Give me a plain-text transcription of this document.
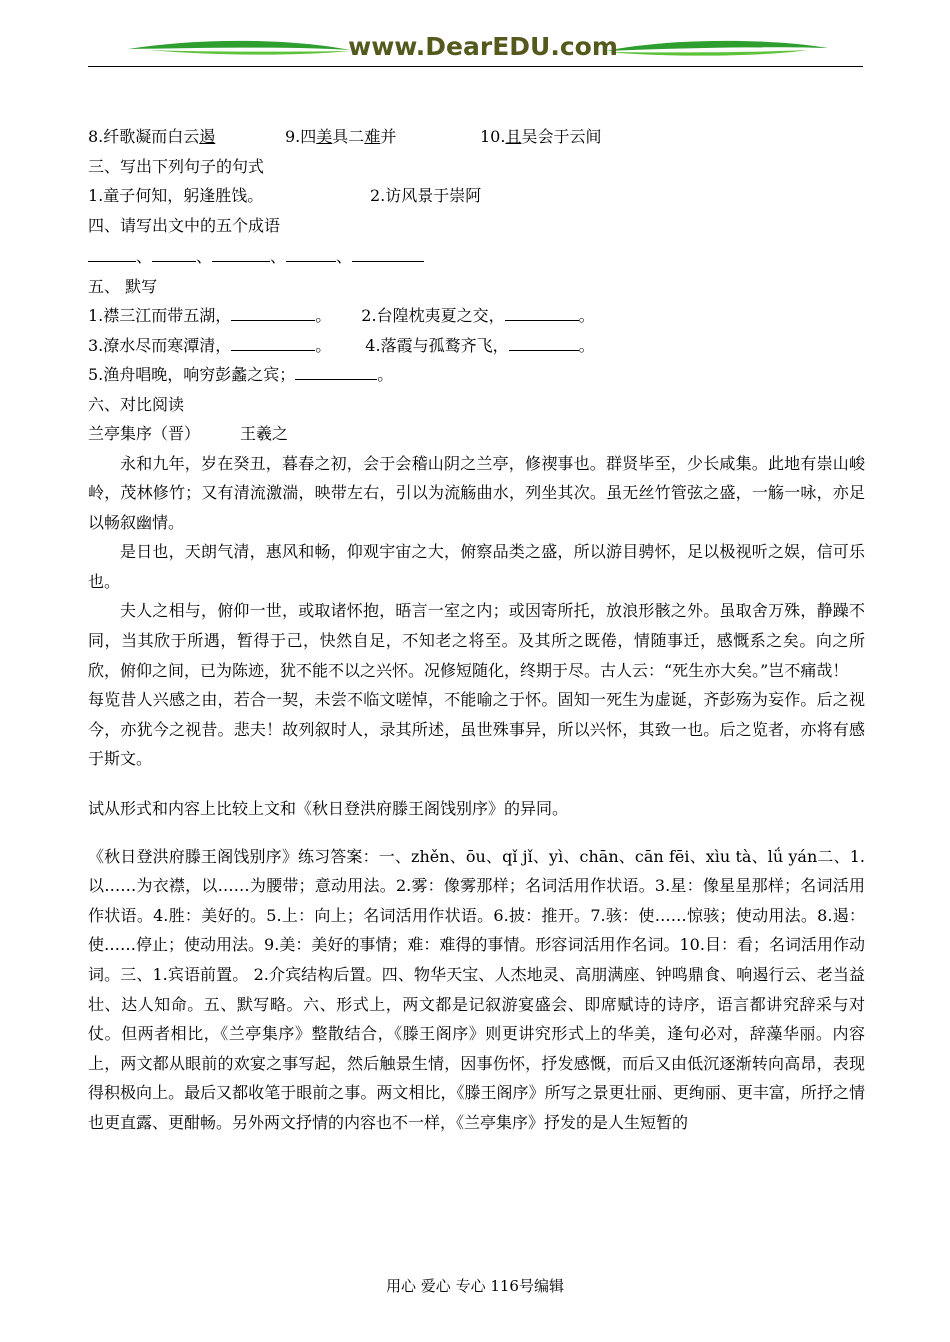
www.DearEDU.com
8.纤歌凝而白云遏	9.四美具二难并	10.且吴会于云间
三、写出下列句子的句式
1.童子何知，躬逢胜饯。	2.访风景于崇阿
四、请写出文中的五个成语
、	、	、	、
五、 默写
1.襟三江而带五湖，	。 2.台隍枕夷夏之交，	。
3.潦水尽而寒潭清，	。 4.落霞与孤鹜齐飞，	。
5.渔舟唱晚，响穷彭蠡之宾；	。
六、对比阅读
兰亭集序（晋）	王羲之

永和九年，岁在癸丑，暮春之初，会于会稽山阴之兰亭，修禊事也。群贤毕至，少长咸集。此地有崇山峻岭，茂林修竹；又有清流激湍，映带左右，引以为流觞曲水，列坐其次。虽无丝竹管弦之盛，一觞一咏，亦足以畅叙幽情。

是日也，天朗气清，惠风和畅，仰观宇宙之大，俯察品类之盛，所以游目骋怀，足以极视听之娱，信可乐也。

夫人之相与，俯仰一世，或取诸怀抱，晤言一室之内；或因寄所托，放浪形骸之外。虽取舍万殊，静躁不同，当其欣于所遇，暂得于己，快然自足，不知老之将至。及其所之既倦，情随事迁，感慨系之矣。向之所欣，俯仰之间，已为陈迹，犹不能不以之兴怀。况修短随化，终期于尽。古人云：“死生亦大矣。”岂不痛哉！

每览昔人兴感之由，若合一契，未尝不临文嗟悼，不能喻之于怀。固知一死生为虚诞，齐彭殇为妄作。后之视今，亦犹今之视昔。悲夫！故列叙时人，录其所述，虽世殊事异，所以兴怀，其致一也。后之览者，亦将有感于斯文。

试从形式和内容上比较上文和《秋日登洪府滕王阁饯别序》的异同。

《秋日登洪府滕王阁饯别序》练习答案：一、zhěn、ōu、qǐ jǐ、yì、chān、cān fēi、xìu tà、lǘ yán二、1.以……为衣襟，以……为腰带；意动用法。2.雾：像雾那样；名词活用作状语。3.星：像星星那样；名词活用作状语。4.胜：美好的。5.上：向上；名词活用作状语。6.披：推开。7.骇：使……惊骇；使动用法。8.遏：使……停止；使动用法。9.美：美好的事情；难：难得的事情。形容词活用作名词。10.目：看；名词活用作动词。三、1.宾语前置。 2.介宾结构后置。四、物华天宝、人杰地灵、高朋满座、钟鸣鼎食、响遏行云、老当益壮、达人知命。五、默写略。六、形式上，两文都是记叙游宴盛会、即席赋诗的诗序，语言都讲究辞采与对仗。但两者相比，《兰亭集序》整散结合，《滕王阁序》则更讲究形式上的华美，逢句必对，辞藻华丽。内容上，两文都从眼前的欢宴之事写起，然后触景生情，因事伤怀，抒发感慨，而后又由低沉逐渐转向高昂，表现得积极向上。最后又都收笔于眼前之事。两文相比，《滕王阁序》所写之景更壮丽、更绚丽、更丰富，所抒之情也更直露、更酣畅。另外两文抒情的内容也不一样，《兰亭集序》抒发的是人生短暂的

用心 爱心 专心 116号编辑
